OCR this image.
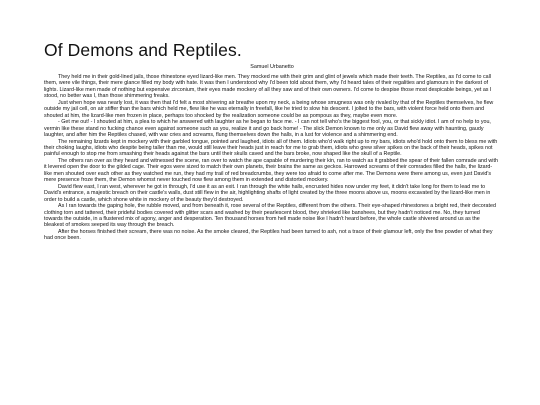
Of Demons and Reptiles.
Samuel Urbanetto

They held me in their gold-lined jails, those rhinestone eyed lizard-like men. They mocked me with their grim and glint of jewels which made their teeth. The Reptiles, as I'd come to call them, were vile things, their mere glance filled my body with hate. It was then I understood why I'd been told about them, why I'd heard tales of their regalities and glamours in the darkest of lights. Lizard-like men made of nothing but expensive zirconium, their eyes made mockery of all they saw and of their own owners. I'd come to despise those most despicable beings, yet as I stood, no better was I, than those shimmering freaks.

Just when hope was nearly lost, it was then that I'd felt a most shivering air breathe upon my neck, a being whose smugness was only rivaled by that of the Reptiles themselves, he flew outside my jail cell, on air stiffer than the bars which held me, flew like he was eternally in freefall, like he tried to slow his descent. I jolted to the bars, with violent force held onto them and shouted at him, the lizard-like men frozen in place, perhaps too shocked by the realization someone could be as pompous as they, maybe even more.

- Get me out! - I shouted at him, a plea to which he answered with laughter as he began to face me. - I can not tell who's the biggest fool, you, or that sickly idiot. I am of no help to you, vermin like these stand no fucking chance even against someone such as you, realize it and go back home! - The slick Demon known to me only as David flew away with haunting, gaudy laughter, and after him the Reptiles chased, with war cries and screams, flung themselves down the halls, in a lust for violence and a shimmering end.

The remaining lizards kept in mockery with their garbled tongue, pointed and laughed, idiots all of them. Idiots who'd walk right up to my bars, idiots who'd hold onto them to bless me with their choking laughs, idiots who despite being taller than me, would still leave their heads just in reach for me to grab them, idiots who grew silver spikes on the back of their heads, spikes not painful enough to stop me from smashing their heads against the bars until their skulls caved and the bars broke, now shaped like the skull of a Reptile.

The others ran over as they heard and witnessed the scene, ran over to watch the ape capable of murdering their kin, ran to watch as it grabbed the spear of their fallen comrade and with it levered open the door to the gilded cage. Their egos were sized to match their own planets, their brains the same as geckos. Harrowed screams of their comrades filled the halls, the lizard-like men shouted over each other as they watched me run, they had my trail of red breadcrumbs, they were too afraid to come after me. The Demons were there among us, even just David's mere presence froze them, the Demon whomst never touched now flew among them in extended and distorted mockery.

David flew east, I ran west, wherever he got in through, I'd use it as an exit. I ran through the white halls, encrusted hides now under my feet, it didn't take long for them to lead me to David's entrance, a majestic breach on their castle's walls, dust still flew in the air, highlighting shafts of light created by the three moons above us, moons excavated by the lizard-like men in order to build a castle, which shone white in mockery of the beauty they'd destroyed.

As I ran towards the gaping hole, the rubble moved, and from beneath it, rose several of the Reptiles, different from the others. Their eye-shaped rhinestones a bright red, their decorated clothing torn and tattered, their prideful bodies covered with glitter scars and washed by their pearlescent blood, they shrieked like banshees, but they hadn't noticed me. No, they turned towards the outside, in a flustered mix of agony, anger and desperation. Ten thousand horses from hell made noise like I hadn't heard before, the whole castle shivered around us as the bleakest of smokes seeped its way through the breach.

After the horses finished their scream, there was no noise. As the smoke cleared, the Reptiles had been turned to ash, not a trace of their glamour left, only the fine powder of what they had once been.
